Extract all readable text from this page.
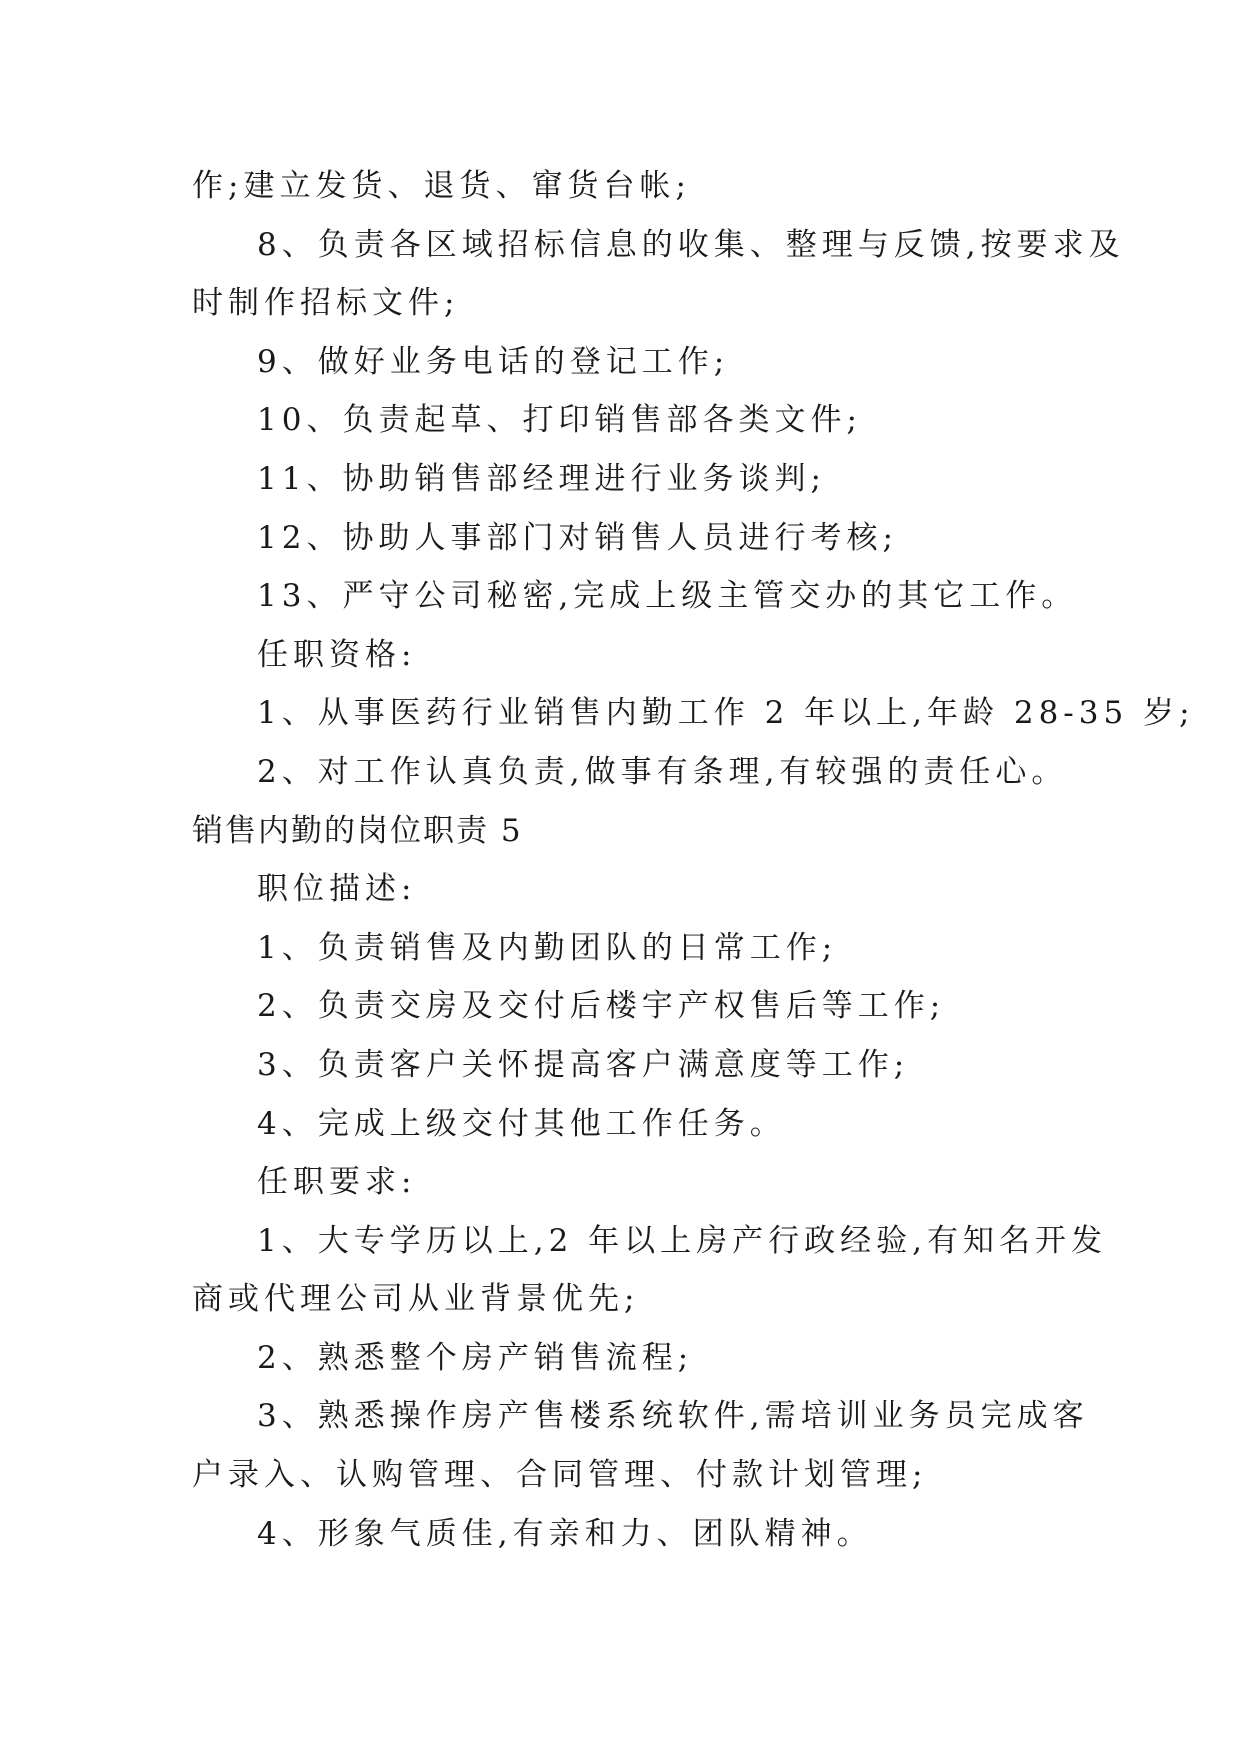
作;建立发货、退货、窜货台帐;
8、负责各区域招标信息的收集、整理与反馈,按要求及
时制作招标文件;
9、做好业务电话的登记工作;
10、负责起草、打印销售部各类文件;
11、协助销售部经理进行业务谈判;
12、协助人事部门对销售人员进行考核;
13、严守公司秘密,完成上级主管交办的其它工作。
任职资格:
1、从事医药行业销售内勤工作 2 年以上,年龄 28-35 岁;
2、对工作认真负责,做事有条理,有较强的责任心。
销售内勤的岗位职责 5
职位描述:
1、负责销售及内勤团队的日常工作;
2、负责交房及交付后楼宇产权售后等工作;
3、负责客户关怀提高客户满意度等工作;
4、完成上级交付其他工作任务。
任职要求:
1、大专学历以上,2 年以上房产行政经验,有知名开发
商或代理公司从业背景优先;
2、熟悉整个房产销售流程;
3、熟悉操作房产售楼系统软件,需培训业务员完成客
户录入、认购管理、合同管理、付款计划管理;
4、形象气质佳,有亲和力、团队精神。
